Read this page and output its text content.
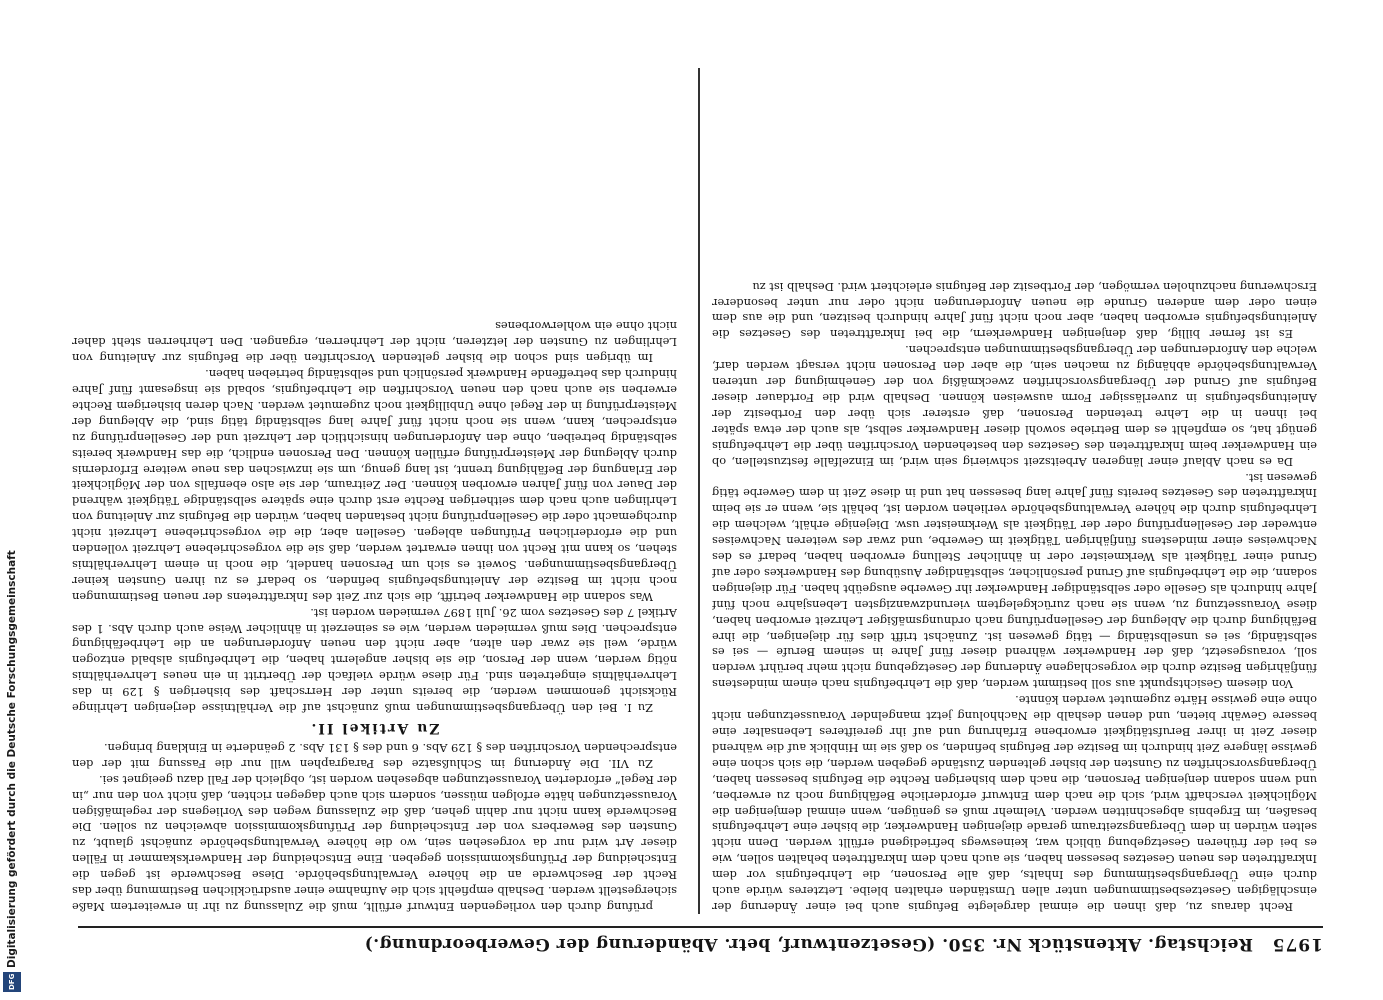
1975
Reichstag. Aktenstück Nr. 350. (Gesetzentwurf, betr. Abänderung der Gewerbeordnung.)

Recht daraus zu, daß ihnen die einmal dargelegte Befugnis auch bei einer Änderung der einschlägigen Gesetzesbestimmungen unter allen Umständen erhalten bleibe. Letzteres würde auch durch eine Übergangsbestimmung des Inhalts, daß alle Personen, die Lehrbefugnis vor dem Inkrafttreten des neuen Gesetzes besessen haben, sie auch nach dem Inkrafttreten behalten sollen, wie es bei der früheren Gesetzgebung üblich war, keineswegs befriedigend erfüllt werden. Denn nicht selten würden in dem Übergangszeitraum gerade diejenigen Handwerker, die bisher eine Lehrbefugnis besaßen, im Ergebnis abgeschnitten werden. Vielmehr muß es genügen, wenn einmal demjenigen die Möglichkeit verschafft wird, sich die nach dem Entwurf erforderliche Befähigung noch zu erwerben, und wenn sodann denjenigen Personen, die nach dem bisherigen Rechte die Befugnis besessen haben, Übergangsvorschriften zu Gunsten der bisher geltenden Zustände gegeben werden, die sich schon eine gewisse längere Zeit hindurch im Besitze der Befugnis befinden, so daß sie im Hinblick auf die während dieser Zeit in ihrer Berufstätigkeit erworbene Erfahrung und auf ihr gereifteres Lebensalter eine bessere Gewähr bieten, und denen deshalb die Nachholung jetzt mangelnder Voraussetzungen nicht ohne eine gewisse Härte zugemutet werden könnte.

Von diesem Gesichtspunkt aus soll bestimmt werden, daß die Lehrbefugnis nach einem mindestens fünfjährigen Besitze durch die vorgeschlagene Änderung der Gesetzgebung nicht mehr berührt werden soll, vorausgesetzt, daß der Handwerker während dieser fünf Jahre in seinem Berufe — sei es selbständig, sei es unselbständig — tätig gewesen ist. Zunächst trifft dies für diejenigen, die ihre Befähigung durch die Ablegung der Gesellenprüfung nach ordnungsmäßiger Lehrzeit erworben haben, diese Voraussetzung zu, wenn sie nach zurückgelegtem vierundzwanzigsten Lebensjahre noch fünf Jahre hindurch als Geselle oder selbständiger Handwerker ihr Gewerbe ausgeübt haben. Für diejenigen sodann, die die Lehrbefugnis auf Grund persönlicher, selbständiger Ausübung des Handwerkes oder auf Grund einer Tätigkeit als Werkmeister oder in ähnlicher Stellung erworben haben, bedarf es des Nachweises einer mindestens fünfjährigen Tätigkeit im Gewerbe, und zwar des weiteren Nachweises entweder der Gesellenprüfung oder der Tätigkeit als Werkmeister usw. Diejenige erhält, welchem die Lehrbefugnis durch die höhere Verwaltungsbehörde verliehen worden ist, behält sie, wenn er sie beim Inkrafttreten des Gesetzes bereits fünf Jahre lang besessen hat und in diese Zeit in dem Gewerbe tätig gewesen ist.

Da es nach Ablauf einer längeren Arbeitszeit schwierig sein wird, im Einzelfalle festzustellen, ob ein Handwerker beim Inkrafttreten des Gesetzes den bestehenden Vorschriften über die Lehrbefugnis genügt hat, so empfiehlt es dem Betriebe sowohl dieser Handwerker selbst, als auch der etwa später bei ihnen in die Lehre tretenden Personen, daß ersterer sich über den Fortbesitz der Anleitungsbefugnis in zuverlässiger Form ausweisen können. Deshalb wird die Fortdauer dieser Befugnis auf Grund der Übergangsvorschriften zweckmäßig von der Genehmigung der unteren Verwaltungsbehörde abhängig zu machen sein, die aber den Personen nicht versagt werden darf, welche den Anforderungen der Übergangsbestimmungen entsprechen.

Es ist ferner billig, daß denjenigen Handwerkern, die bei Inkrafttreten des Gesetzes die Anleitungsbefugnis erworben haben, aber noch nicht fünf Jahre hindurch besitzen, und die aus dem einen oder dem anderen Grunde die neuen Anforderungen nicht oder nur unter besonderer Erschwerung nachzuholen vermögen, der Fortbesitz der Befugnis erleichtert wird. Deshalb ist zu

prüfung durch den vorliegenden Entwurf erfüllt, muß die Zulassung zu ihr in erweitertem Maße sichergestellt werden. Deshalb empfiehlt sich die Aufnahme einer ausdrücklichen Bestimmung über das Recht der Beschwerde an die höhere Verwaltungsbehörde. Diese Beschwerde ist gegen die Entscheidung der Prüfungskommission gegeben. Eine Entscheidung der Handwerkskammer in Fällen dieser Art wird nur da vorgesehen sein, wo die höhere Verwaltungsbehörde zunächst glaubt, zu Gunsten des Bewerbers von der Entscheidung der Prüfungskommission abweichen zu sollen. Die Beschwerde kann nicht nur dahin gehen, daß die Zulassung wegen des Vorliegens der regelmäßigen Voraussetzungen hätte erfolgen müssen, sondern sich auch dagegen richten, daß nicht von den nur „in der Regel“ erforderten Voraussetzungen abgesehen worden ist, obgleich der Fall dazu geeignet sei.

Zu VII. Die Änderung im Schlußsatze des Paragraphen will nur die Fassung mit der den entsprechenden Vorschriften des § 129 Abs. 6 und des § 131 Abs. 2 geänderte in Einklang bringen.

Zu Artikel II.

Zu I. Bei den Übergangsbestimmungen muß zunächst auf die Verhältnisse derjenigen Lehrlinge Rücksicht genommen werden, die bereits unter der Herrschaft des bisherigen § 129 in das Lehrverhältnis eingetreten sind. Für diese würde vielfach der Übertritt in ein neues Lehrverhältnis nötig werden, wenn der Person, die sie bisher angelernt haben, die Lehrbefugnis alsbald entzogen würde, weil sie zwar den alten, aber nicht den neuen Anforderungen an die Lehrbefähigung entsprechen. Dies muß vermieden werden, wie es seinerzeit in ähnlicher Weise auch durch Abs. 1 des Artikel 7 des Gesetzes vom 26. Juli 1897 vermieden worden ist.

Was sodann die Handwerker betrifft, die sich zur Zeit des Inkrafttretens der neuen Bestimmungen noch nicht im Besitze der Anleitungsbefugnis befinden, so bedarf es zu ihren Gunsten keiner Übergangsbestimmungen. Soweit es sich um Personen handelt, die noch in einem Lehrverhältnis stehen, so kann mit Recht von ihnen erwartet werden, daß sie die vorgeschriebene Lehrzeit vollenden und die erforderlichen Prüfungen ablegen. Gesellen aber, die die vorgeschriebene Lehrzeit nicht durchgemacht oder die Gesellenprüfung nicht bestanden haben, würden die Befugnis zur Anleitung von Lehrlingen auch nach dem seitherigen Rechte erst durch eine spätere selbständige Tätigkeit während der Dauer von fünf Jahren erworben können. Der Zeitraum, der sie also ebenfalls von der Möglichkeit der Erlangung der Befähigung trennt, ist lang genug, um sie inzwischen das neue weitere Erfordernis durch Ablegung der Meisterprüfung erfüllen können. Den Personen endlich, die das Handwerk bereits selbständig betreiben, ohne den Anforderungen hinsichtlich der Lehrzeit und der Gesellenprüfung zu entsprechen, kann, wenn sie noch nicht fünf Jahre lang selbständig tätig sind, die Ablegung der Meisterprüfung in der Regel ohne Unbilligkeit noch zugemutet werden. Nach deren bisherigem Rechte erwerben sie auch nach den neuen Vorschriften die Lehrbefugnis, sobald sie insgesamt fünf Jahre hindurch das betreffende Handwerk persönlich und selbständig betrieben haben.

Im übrigen sind schon die bisher geltenden Vorschriften über die Befugnis zur Anleitung von Lehrlingen zu Gunsten der letzteren, nicht der Lehrherren, ergangen. Den Lehrherren steht daher nicht ohne ein wohlerworbenes

Digitalisierung gefördert durch die Deutsche Forschungsgemeinschaft
DFG
